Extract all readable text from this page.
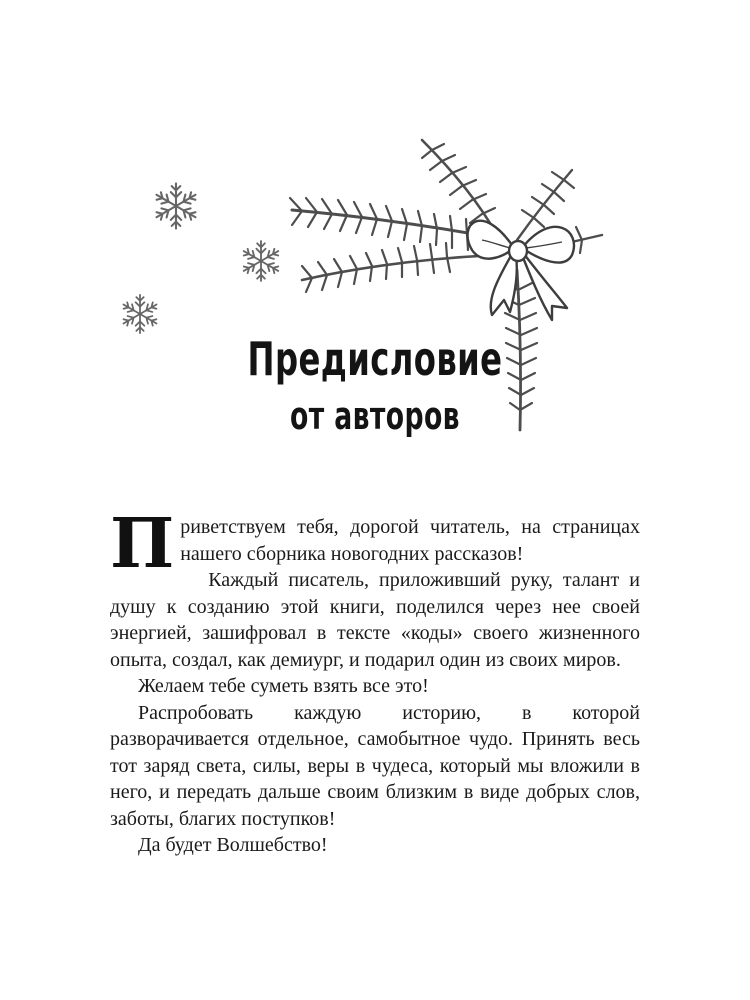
Предисловие
от авторов

Приветствуем тебя, дорогой читатель, на страницах нашего сборника новогодних рассказов!

Каждый писатель, приложивший руку, талант и душу к созданию этой книги, поделился через нее своей энергией, зашифровал в тексте «коды» своего жизненного опыта, создал, как демиург, и подарил один из своих миров.

Желаем тебе суметь взять все это!

Распробовать каждую историю, в которой разворачивается отдельное, самобытное чудо. Принять весь тот заряд света, силы, веры в чудеса, который мы вложили в него, и передать дальше своим близким в виде добрых слов, заботы, благих поступков!

Да будет Волшебство!
